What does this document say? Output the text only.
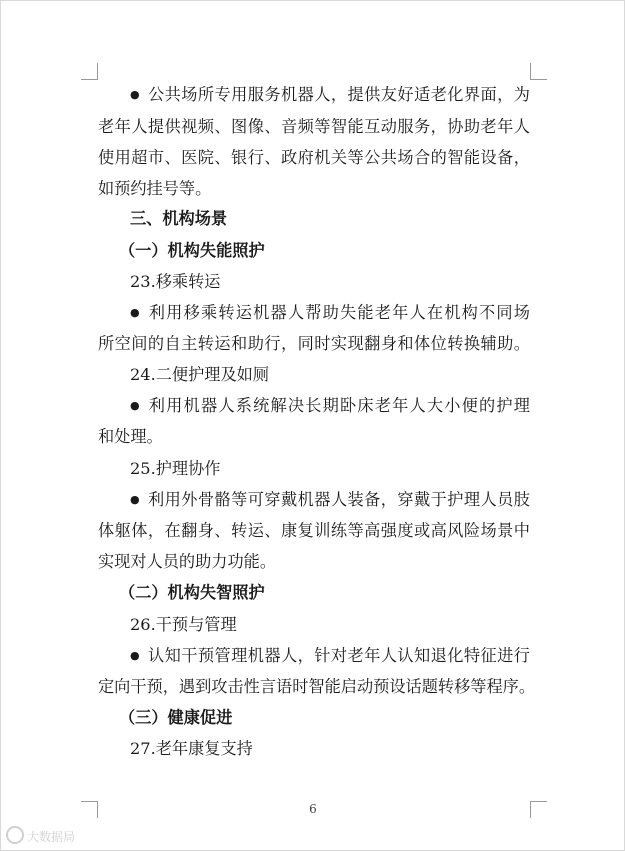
● 公共场所专用服务机器人，提供友好适老化界面，为
老年人提供视频、图像、音频等智能互动服务，协助老年人
使用超市、医院、银行、政府机关等公共场合的智能设备，
如预约挂号等。
三、机构场景
（一）机构失能照护
23.移乘转运
● 利用移乘转运机器人帮助失能老年人在机构不同场
所空间的自主转运和助行，同时实现翻身和体位转换辅助。
24.二便护理及如厕
● 利用机器人系统解决长期卧床老年人大小便的护理
和处理。
25.护理协作
● 利用外骨骼等可穿戴机器人装备，穿戴于护理人员肢
体躯体，在翻身、转运、康复训练等高强度或高风险场景中
实现对人员的助力功能。
（二）机构失智照护
26.干预与管理
● 认知干预管理机器人，针对老年人认知退化特征进行
定向干预，遇到攻击性言语时智能启动预设话题转移等程序。
（三）健康促进
27.老年康复支持
6
大数据局
